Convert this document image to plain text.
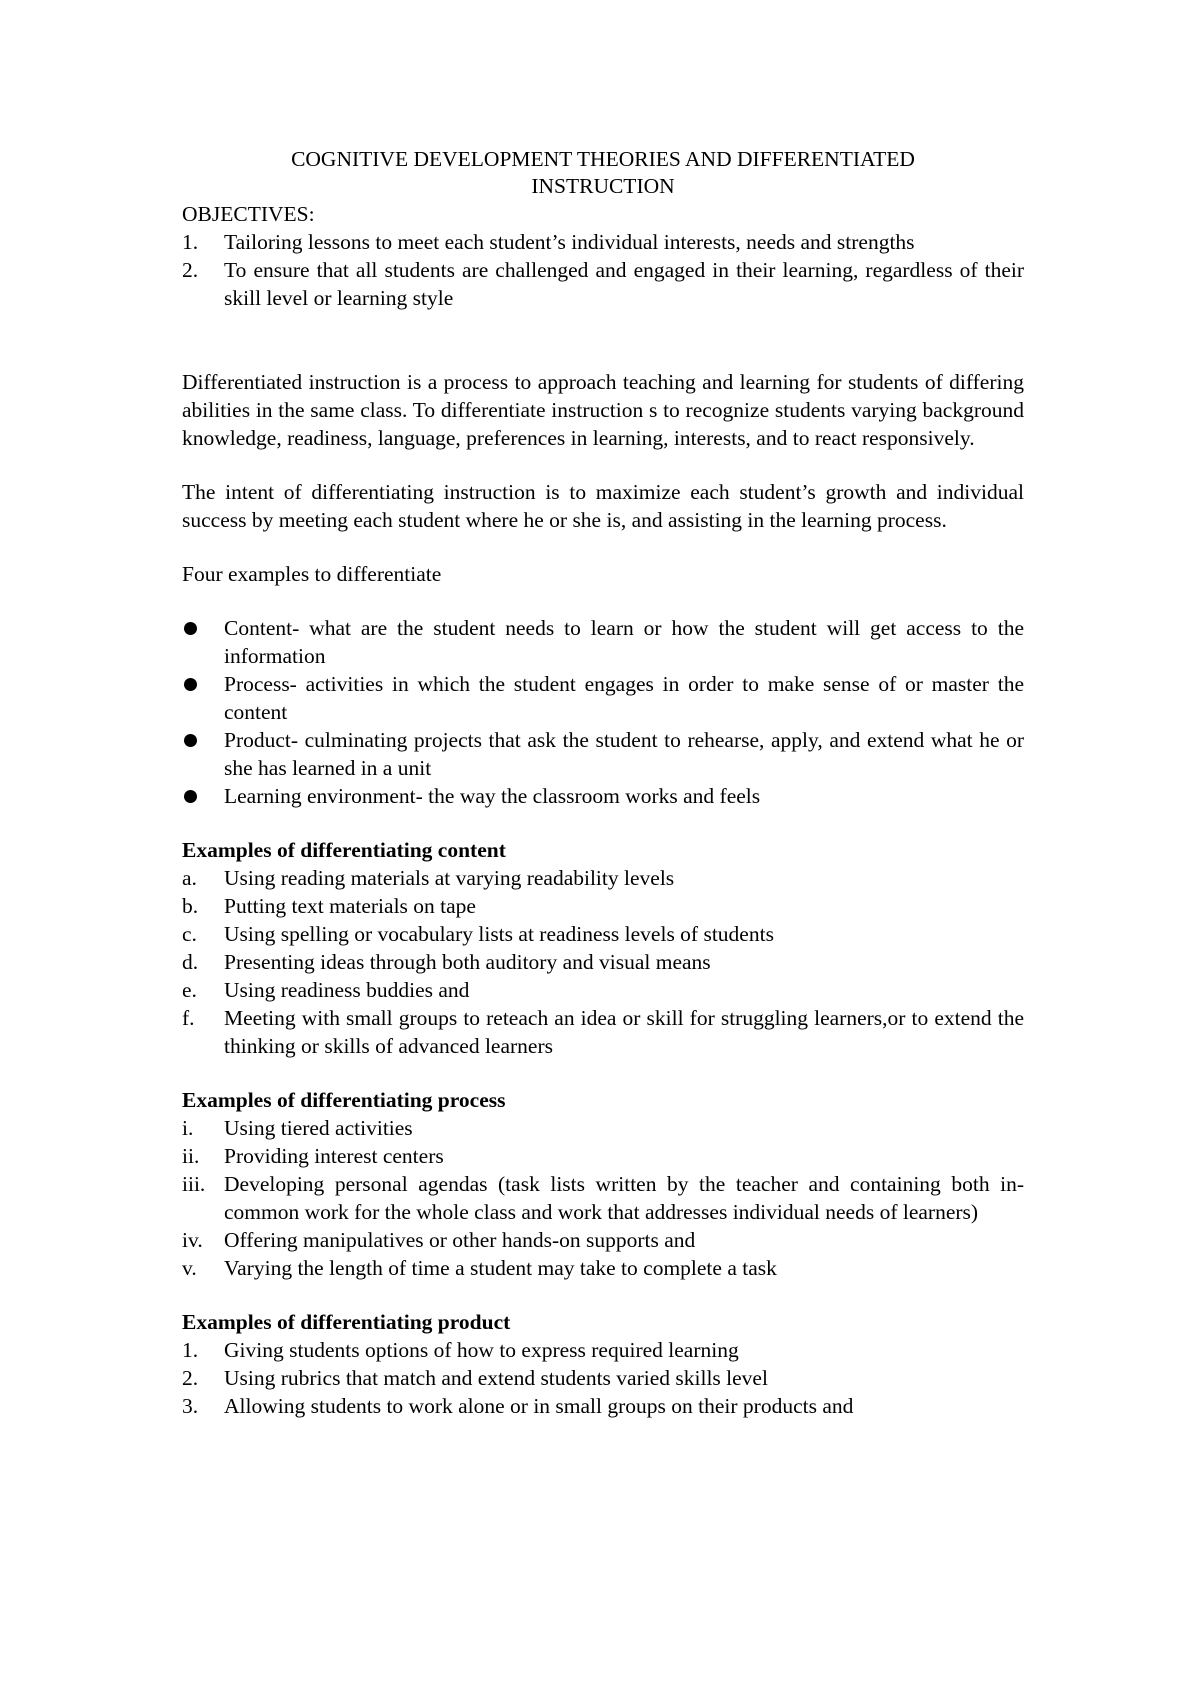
COGNITIVE DEVELOPMENT THEORIES AND DIFFERENTIATED
INSTRUCTION

OBJECTIVES:

1.	Tailoring lessons to meet each student’s individual interests, needs and strengths
2.	To ensure that all students are challenged and engaged in their learning, regardless of their skill level or learning style

Differentiated instruction is a process to approach teaching and learning for students of differing abilities in the same class. To differentiate instruction s to recognize students varying background knowledge, readiness, language, preferences in learning, interests, and to react responsively.

The intent of differentiating instruction is to maximize each student’s growth and individual success by meeting each student where he or she is, and assisting in the learning process.

Four examples to differentiate

Content- what are the student needs to learn or how the student will get access to the information
Process- activities in which the student engages in order to make sense of or master the content
Product- culminating projects that ask the student to rehearse, apply, and extend what he or she has learned in a unit
Learning environment- the way the classroom works and feels

Examples of differentiating content

a.	Using reading materials at varying readability levels
b.	Putting text materials on tape
c.	Using spelling or vocabulary lists at readiness levels of students
d.	Presenting ideas through both auditory and visual means
e.	Using readiness buddies and
f.	Meeting with small groups to reteach an idea or skill for struggling learners,or to extend the thinking or skills of advanced learners

Examples of differentiating process

i.	Using tiered activities
ii.	Providing interest centers
iii. Developing personal agendas (task lists written by the teacher and containing both in-common work for the whole class and work that addresses individual needs of learners)
iv. Offering manipulatives or other hands-on supports and
v.	Varying the length of time a student may take to complete a task

Examples of differentiating product

1.	Giving students options of how to express required learning
2.	Using rubrics that match and extend students varied skills level
3.	Allowing students to work alone or in small groups on their products and
